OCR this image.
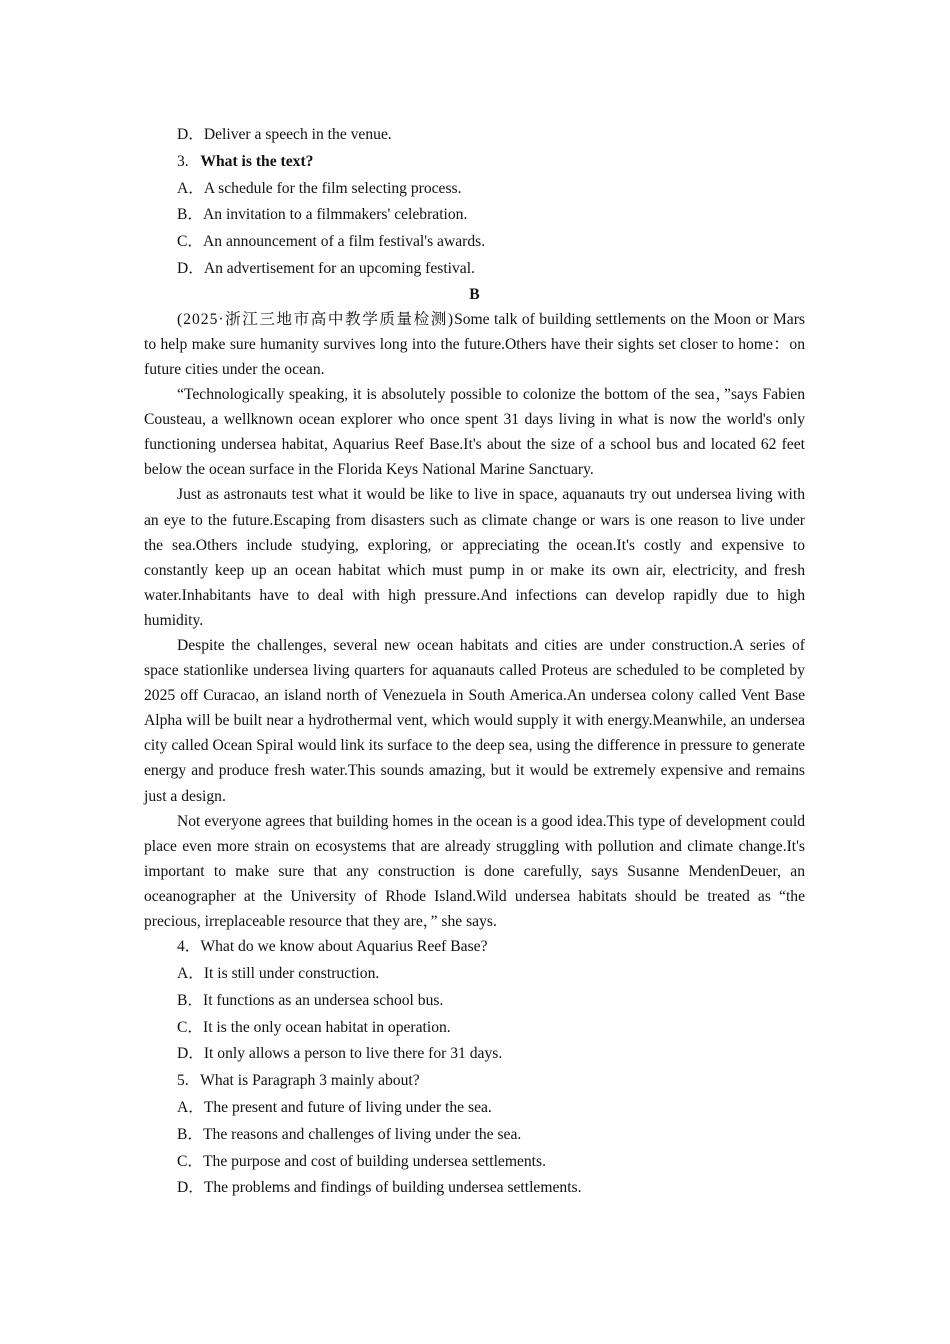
D．Deliver a speech in the venue.
3. What is the text?
A．A schedule for the film selecting process.
B．An invitation to a filmmakers' celebration.
C．An announcement of a film festival's awards.
D．An advertisement for an upcoming festival.
B

(2025·浙江三地市高中教学质量检测)Some talk of building settlements on the Moon or Mars to help make sure humanity survives long into the future.Others have their sights set closer to home：on future cities under the ocean.

“Technologically speaking, it is absolutely possible to colonize the bottom of the sea，”says Fabien Cousteau, a wellknown ocean explorer who once spent 31 days living in what is now the world's only functioning undersea habitat, Aquarius Reef Base.It's about the size of a school bus and located 62 feet below the ocean surface in the Florida Keys National Marine Sanctuary.

Just as astronauts test what it would be like to live in space, aquanauts try out undersea living with an eye to the future.Escaping from disasters such as climate change or wars is one reason to live under the sea.Others include studying, exploring, or appreciating the ocean.It's costly and expensive to constantly keep up an ocean habitat which must pump in or make its own air, electricity, and fresh water.Inhabitants have to deal with high pressure.And infections can develop rapidly due to high humidity.

Despite the challenges, several new ocean habitats and cities are under construction.A series of space stationlike undersea living quarters for aquanauts called Proteus are scheduled to be completed by 2025 off Curacao, an island north of Venezuela in South America.An undersea colony called Vent Base Alpha will be built near a hydrothermal vent, which would supply it with energy.Meanwhile, an undersea city called Ocean Spiral would link its surface to the deep sea, using the difference in pressure to generate energy and produce fresh water.This sounds amazing, but it would be extremely expensive and remains just a design.

Not everyone agrees that building homes in the ocean is a good idea.This type of development could place even more strain on ecosystems that are already struggling with pollution and climate change.It's important to make sure that any construction is done carefully, says Susanne MendenDeuer, an oceanographer at the University of Rhode Island.Wild undersea habitats should be treated as “the precious, irreplaceable resource that they are，” she says.

4．What do we know about Aquarius Reef Base?
A．It is still under construction.
B．It functions as an undersea school bus.
C．It is the only ocean habitat in operation.
D．It only allows a person to live there for 31 days.
5.   What is Paragraph 3 mainly about?
A．The present and future of living under the sea.
B．The reasons and challenges of living under the sea.
C．The purpose and cost of building undersea settlements.
D．The problems and findings of building undersea settlements.
